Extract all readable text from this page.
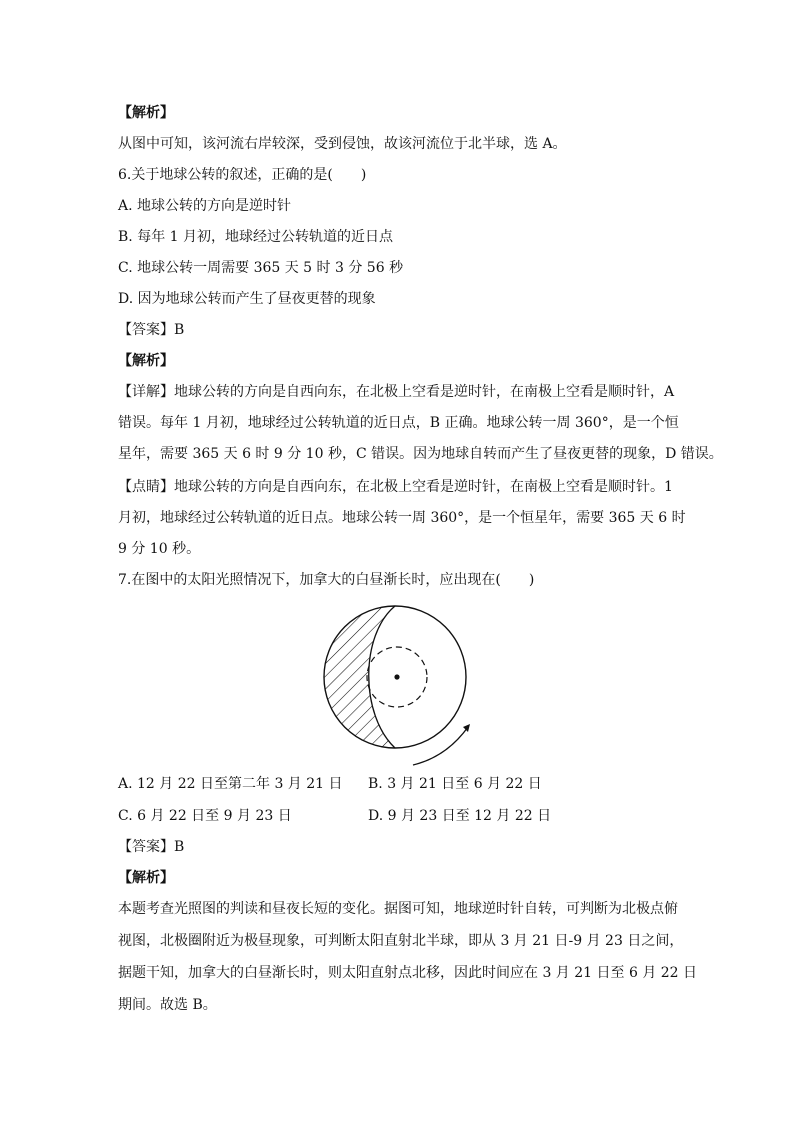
【解析】
从图中可知，该河流右岸较深，受到侵蚀，故该河流位于北半球，选 A。
6.关于地球公转的叙述，正确的是(　　)
A. 地球公转的方向是逆时针
B. 每年 1 月初，地球经过公转轨道的近日点
C. 地球公转一周需要 365 天 5 时 3 分 56 秒
D. 因为地球公转而产生了昼夜更替的现象
【答案】B
【解析】
【详解】地球公转的方向是自西向东，在北极上空看是逆时针，在南极上空看是顺时针，A
错误。每年 1 月初，地球经过公转轨道的近日点，B 正确。地球公转一周 360°，是一个恒
星年，需要 365 天 6 时 9 分 10 秒，C 错误。因为地球自转而产生了昼夜更替的现象，D 错误。
【点睛】地球公转的方向是自西向东，在北极上空看是逆时针，在南极上空看是顺时针。1
月初，地球经过公转轨道的近日点。地球公转一周 360°，是一个恒星年，需要 365 天 6 时
9 分 10 秒。
7.在图中的太阳光照情况下，加拿大的白昼渐长时，应出现在(　　)
A. 12 月 22 日至第二年 3 月 21 日 B. 3 月 21 日至 6 月 22 日
C. 6 月 22 日至 9 月 23 日	D. 9 月 23 日至 12 月 22 日
【答案】B
【解析】
本题考查光照图的判读和昼夜长短的变化。据图可知，地球逆时针自转，可判断为北极点俯
视图，北极圈附近为极昼现象，可判断太阳直射北半球，即从 3 月 21 日-9 月 23 日之间，
据题干知，加拿大的白昼渐长时，则太阳直射点北移，因此时间应在 3 月 21 日至 6 月 22 日
期间。故选 B。
